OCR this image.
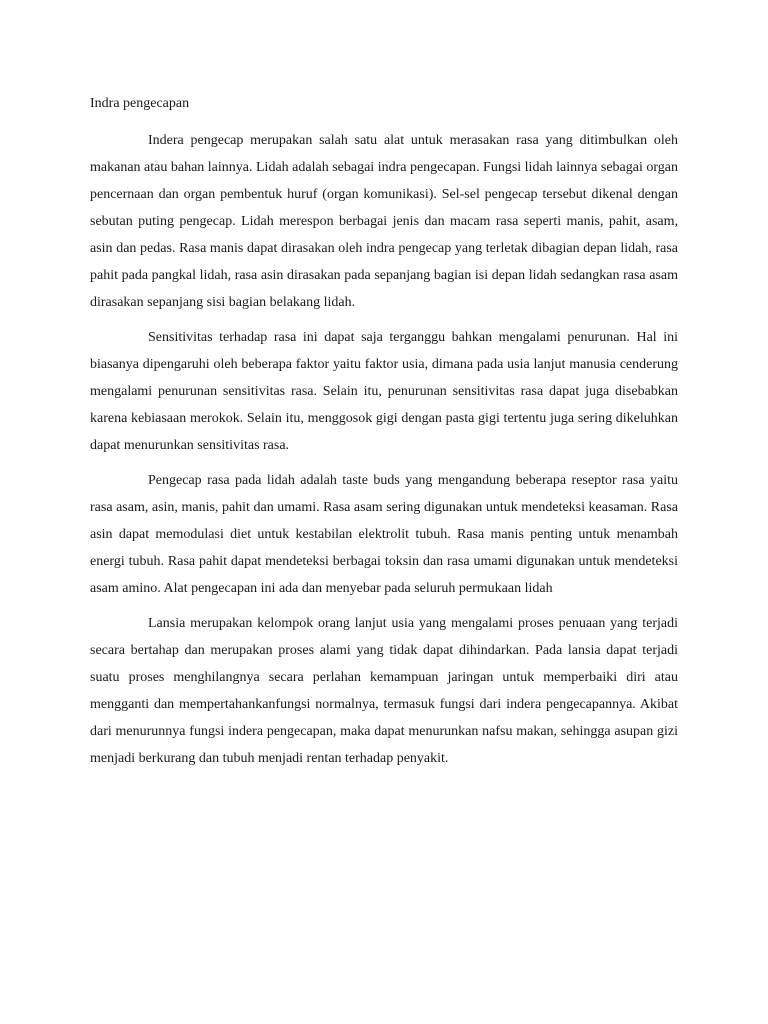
Indra pengecapan

Indera pengecap merupakan salah satu alat untuk merasakan rasa yang ditimbulkan oleh makanan atau bahan lainnya. Lidah adalah sebagai indra pengecapan. Fungsi lidah lainnya sebagai organ pencernaan dan organ pembentuk huruf (organ komunikasi). Sel-sel pengecap tersebut dikenal dengan sebutan puting pengecap. Lidah merespon berbagai jenis dan macam rasa seperti manis, pahit, asam, asin dan pedas. Rasa manis dapat dirasakan oleh indra pengecap yang terletak dibagian depan lidah, rasa pahit pada pangkal lidah, rasa asin dirasakan pada sepanjang bagian isi depan lidah sedangkan rasa asam dirasakan sepanjang sisi bagian belakang lidah.

Sensitivitas terhadap rasa ini dapat saja terganggu bahkan mengalami penurunan. Hal ini biasanya dipengaruhi oleh beberapa faktor yaitu faktor usia, dimana pada usia lanjut manusia cenderung mengalami penurunan sensitivitas rasa. Selain itu, penurunan sensitivitas rasa dapat juga disebabkan karena kebiasaan merokok. Selain itu, menggosok gigi dengan pasta gigi tertentu juga sering dikeluhkan dapat menurunkan sensitivitas rasa.

Pengecap rasa pada lidah adalah taste buds yang mengandung beberapa reseptor rasa yaitu rasa asam, asin, manis, pahit dan umami. Rasa asam sering digunakan untuk mendeteksi keasaman. Rasa asin dapat memodulasi diet untuk kestabilan elektrolit tubuh. Rasa manis penting untuk menambah energi tubuh. Rasa pahit dapat mendeteksi berbagai toksin dan rasa umami digunakan untuk mendeteksi asam amino. Alat pengecapan ini ada dan menyebar pada seluruh permukaan lidah

Lansia merupakan kelompok orang lanjut usia yang mengalami proses penuaan yang terjadi secara bertahap dan merupakan proses alami yang tidak dapat dihindarkan. Pada lansia dapat terjadi suatu proses menghilangnya secara perlahan kemampuan jaringan untuk memperbaiki diri atau mengganti dan mempertahankanfungsi normalnya, termasuk fungsi dari indera pengecapannya. Akibat dari menurunnya fungsi indera pengecapan, maka dapat menurunkan nafsu makan, sehingga asupan gizi menjadi berkurang dan tubuh menjadi rentan terhadap penyakit.
